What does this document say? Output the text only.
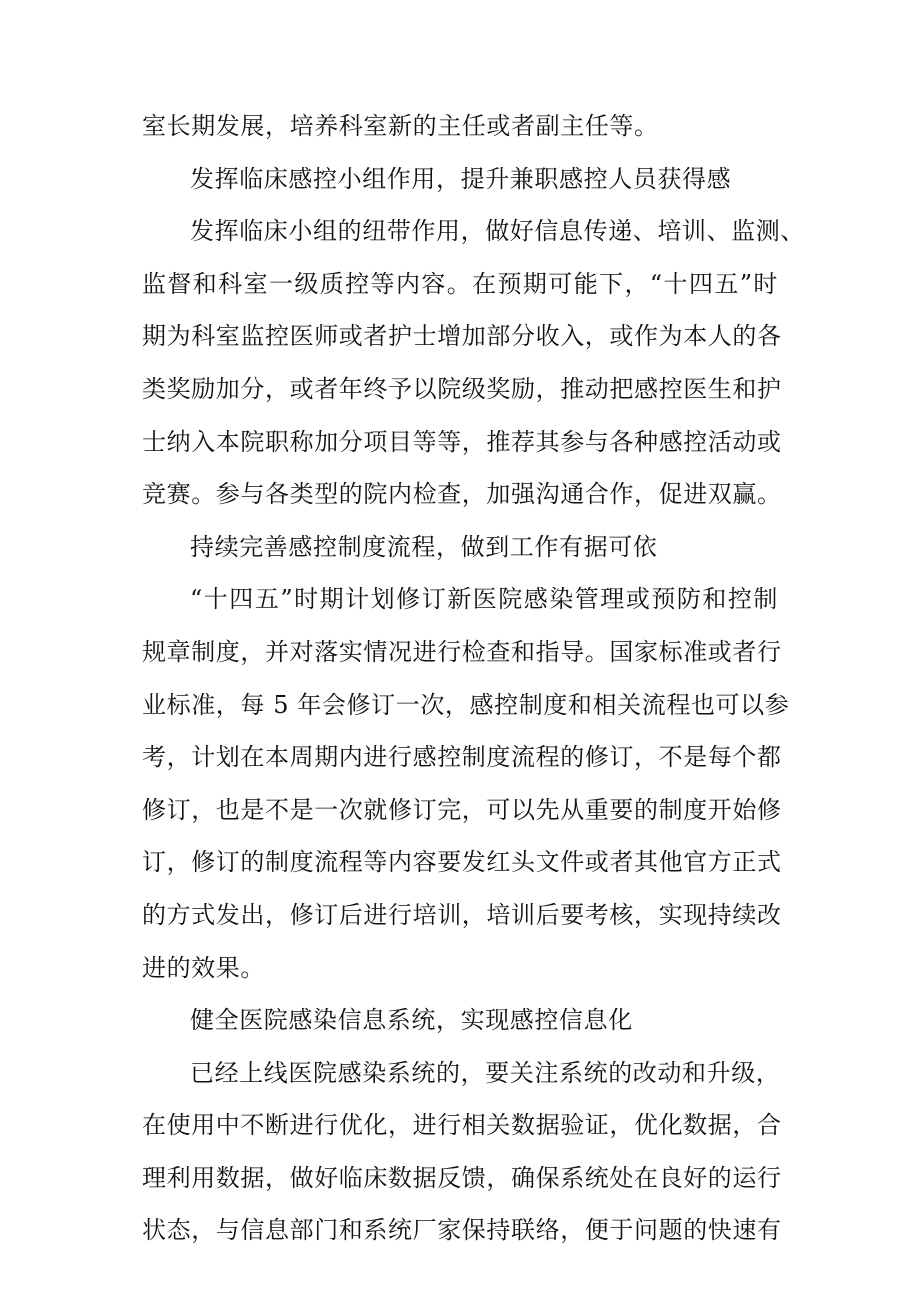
室长期发展，培养科室新的主任或者副主任等。
发挥临床感控小组作用，提升兼职感控人员获得感
发挥临床小组的纽带作用，做好信息传递、培训、监测、
监督和科室一级质控等内容。在预期可能下，“十四五”时
期为科室监控医师或者护士增加部分收入，或作为本人的各
类奖励加分，或者年终予以院级奖励，推动把感控医生和护
士纳入本院职称加分项目等等，推荐其参与各种感控活动或
竞赛。参与各类型的院内检查，加强沟通合作，促进双赢。
持续完善感控制度流程，做到工作有据可依
“十四五”时期计划修订新医院感染管理或预防和控制
规章制度，并对落实情况进行检查和指导。国家标准或者行
业标准，每 5 年会修订一次，感控制度和相关流程也可以参
考，计划在本周期内进行感控制度流程的修订，不是每个都
修订，也是不是一次就修订完，可以先从重要的制度开始修
订，修订的制度流程等内容要发红头文件或者其他官方正式
的方式发出，修订后进行培训，培训后要考核，实现持续改
进的效果。
健全医院感染信息系统，实现感控信息化
已经上线医院感染系统的，要关注系统的改动和升级，
在使用中不断进行优化，进行相关数据验证，优化数据，合
理利用数据，做好临床数据反馈，确保系统处在良好的运行
状态，与信息部门和系统厂家保持联络，便于问题的快速有
